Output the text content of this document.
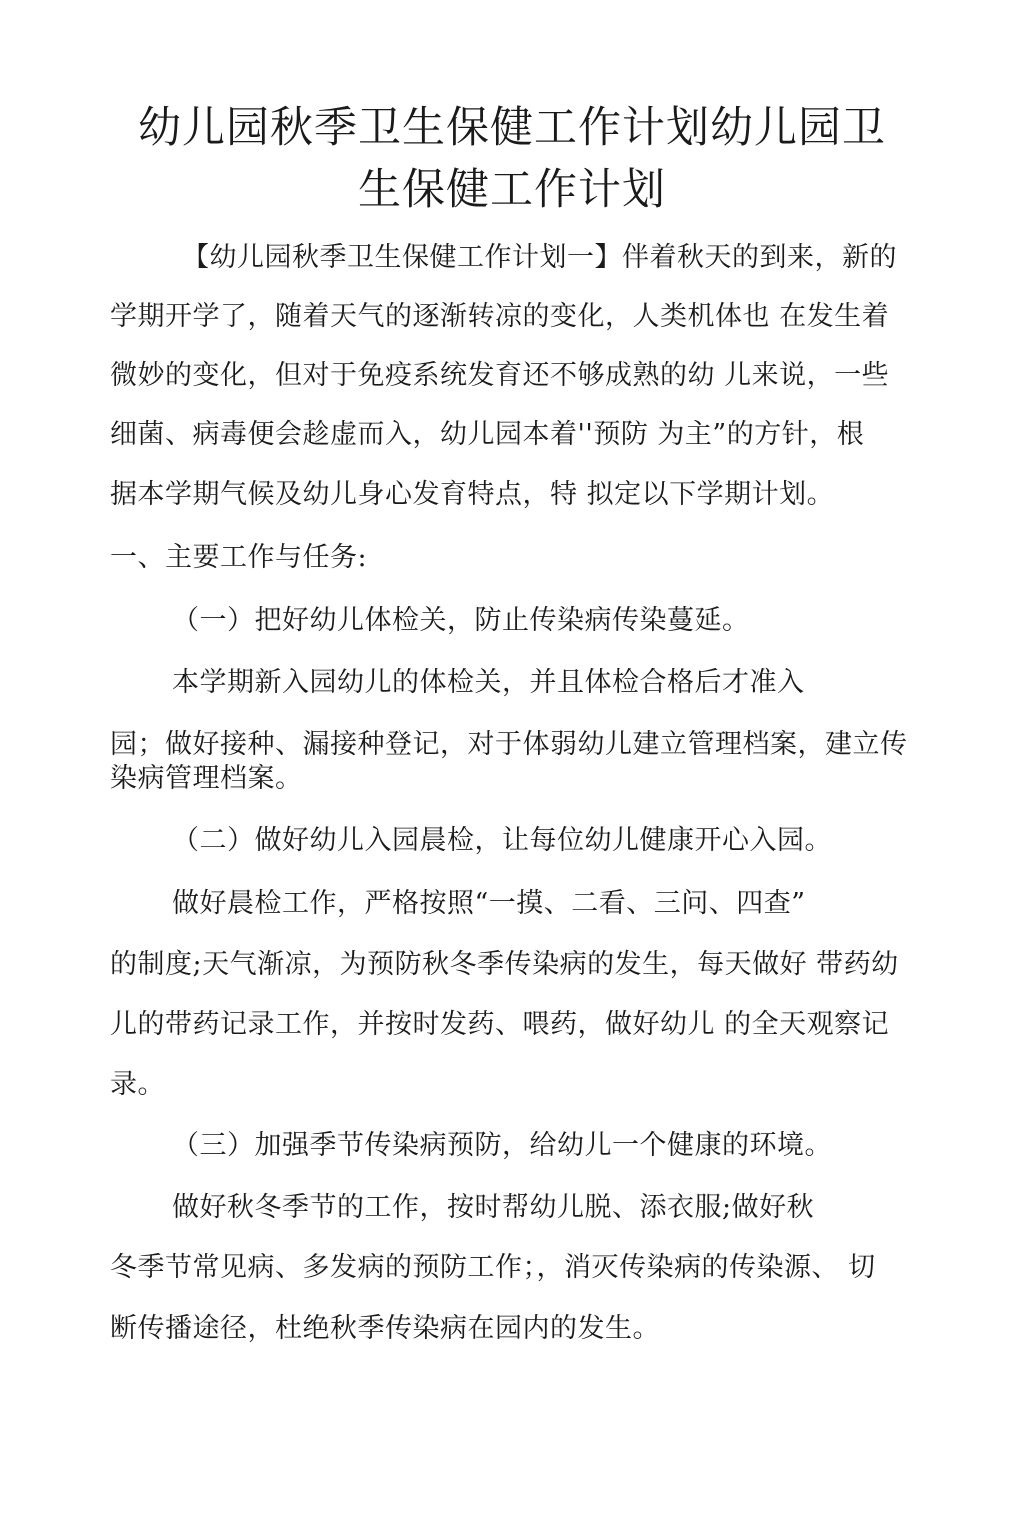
幼儿园秋季卫生保健工作计划幼儿园卫
生保健工作计划
【幼儿园秋季卫生保健工作计划一】伴着秋天的到来，新的
学期开学了，随着天气的逐渐转凉的变化，人类机体也 在发生着
微妙的变化，但对于免疫系统发育还不够成熟的幼 儿来说，一些
细菌、病毒便会趁虚而入，幼儿园本着''预防 为主”的方针，根
据本学期气候及幼儿身心发育特点，特 拟定以下学期计划。
一、主要工作与任务:
（一）把好幼儿体检关，防止传染病传染蔓延。
本学期新入园幼儿的体检关，并且体检合格后才准入
园；做好接种、漏接种登记，对于体弱幼儿建立管理档案，建立传
染病管理档案。
（二）做好幼儿入园晨检，让每位幼儿健康开心入园。
做好晨检工作，严格按照“一摸、二看、三问、四查”
的制度;天气渐凉，为预防秋冬季传染病的发生，每天做好 带药幼
儿的带药记录工作，并按时发药、喂药，做好幼儿 的全天观察记
录。
（三）加强季节传染病预防，给幼儿一个健康的环境。
做好秋冬季节的工作，按时帮幼儿脱、添衣服;做好秋
冬季节常见病、多发病的预防工作；，消灭传染病的传染源、 切
断传播途径，杜绝秋季传染病在园内的发生。
